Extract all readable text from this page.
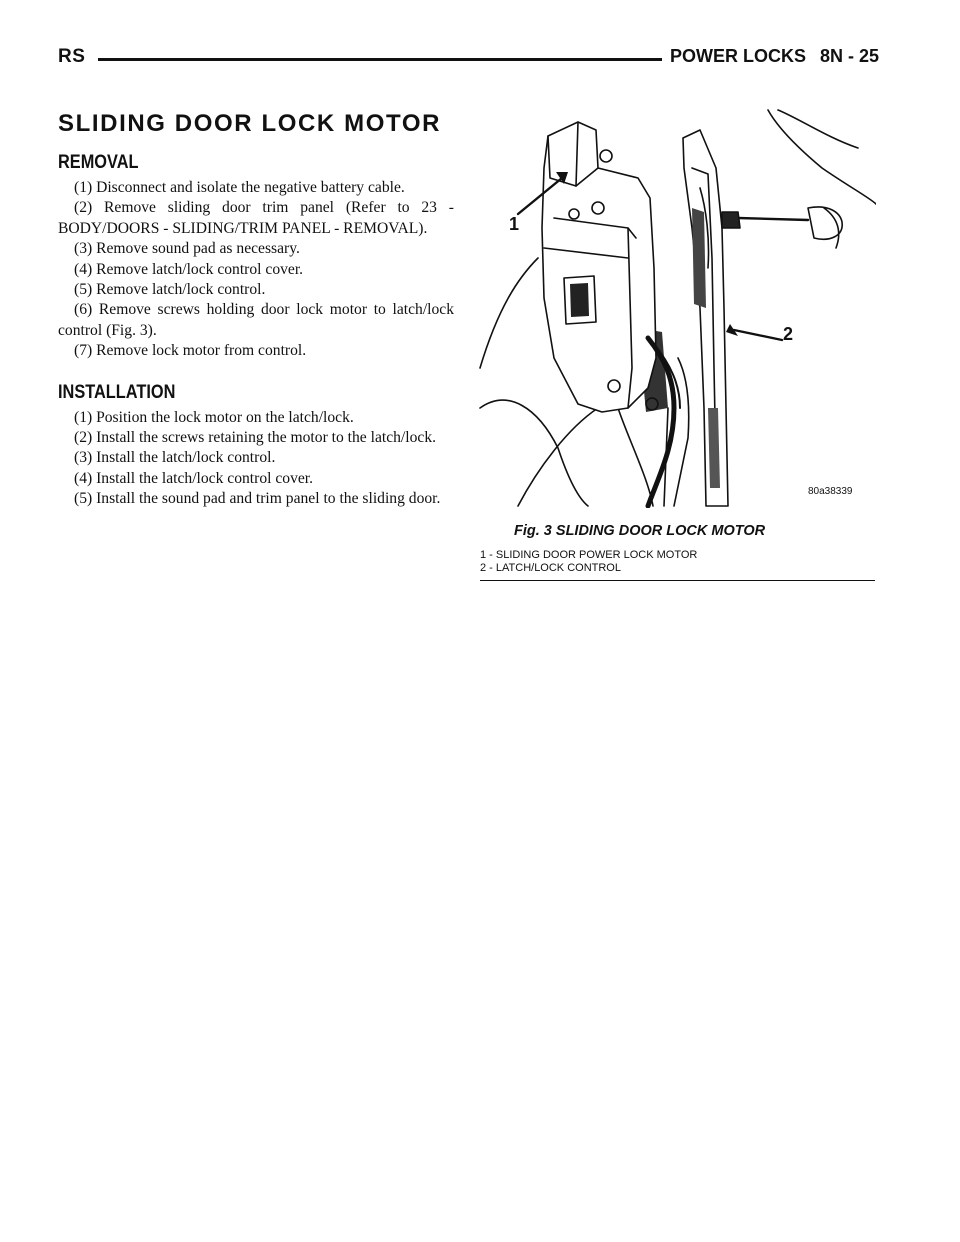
RS	POWER LOCKS 8N - 25
SLIDING DOOR LOCK MOTOR
REMOVAL
(1) Disconnect and isolate the negative battery cable.
(2) Remove sliding door trim panel (Refer to 23 - BODY/DOORS - SLIDING/TRIM PANEL - REMOVAL).
(3) Remove sound pad as necessary.
(4) Remove latch/lock control cover.
(5) Remove latch/lock control.
(6) Remove screws holding door lock motor to latch/lock control (Fig. 3).
(7) Remove lock motor from control.
INSTALLATION
(1) Position the lock motor on the latch/lock.
(2) Install the screws retaining the motor to the latch/lock.
(3) Install the latch/lock control.
(4) Install the latch/lock control cover.
(5) Install the sound pad and trim panel to the sliding door.
1
2
80a38339
Fig. 3 SLIDING DOOR LOCK MOTOR
1 - SLIDING DOOR POWER LOCK MOTOR
2 - LATCH/LOCK CONTROL
